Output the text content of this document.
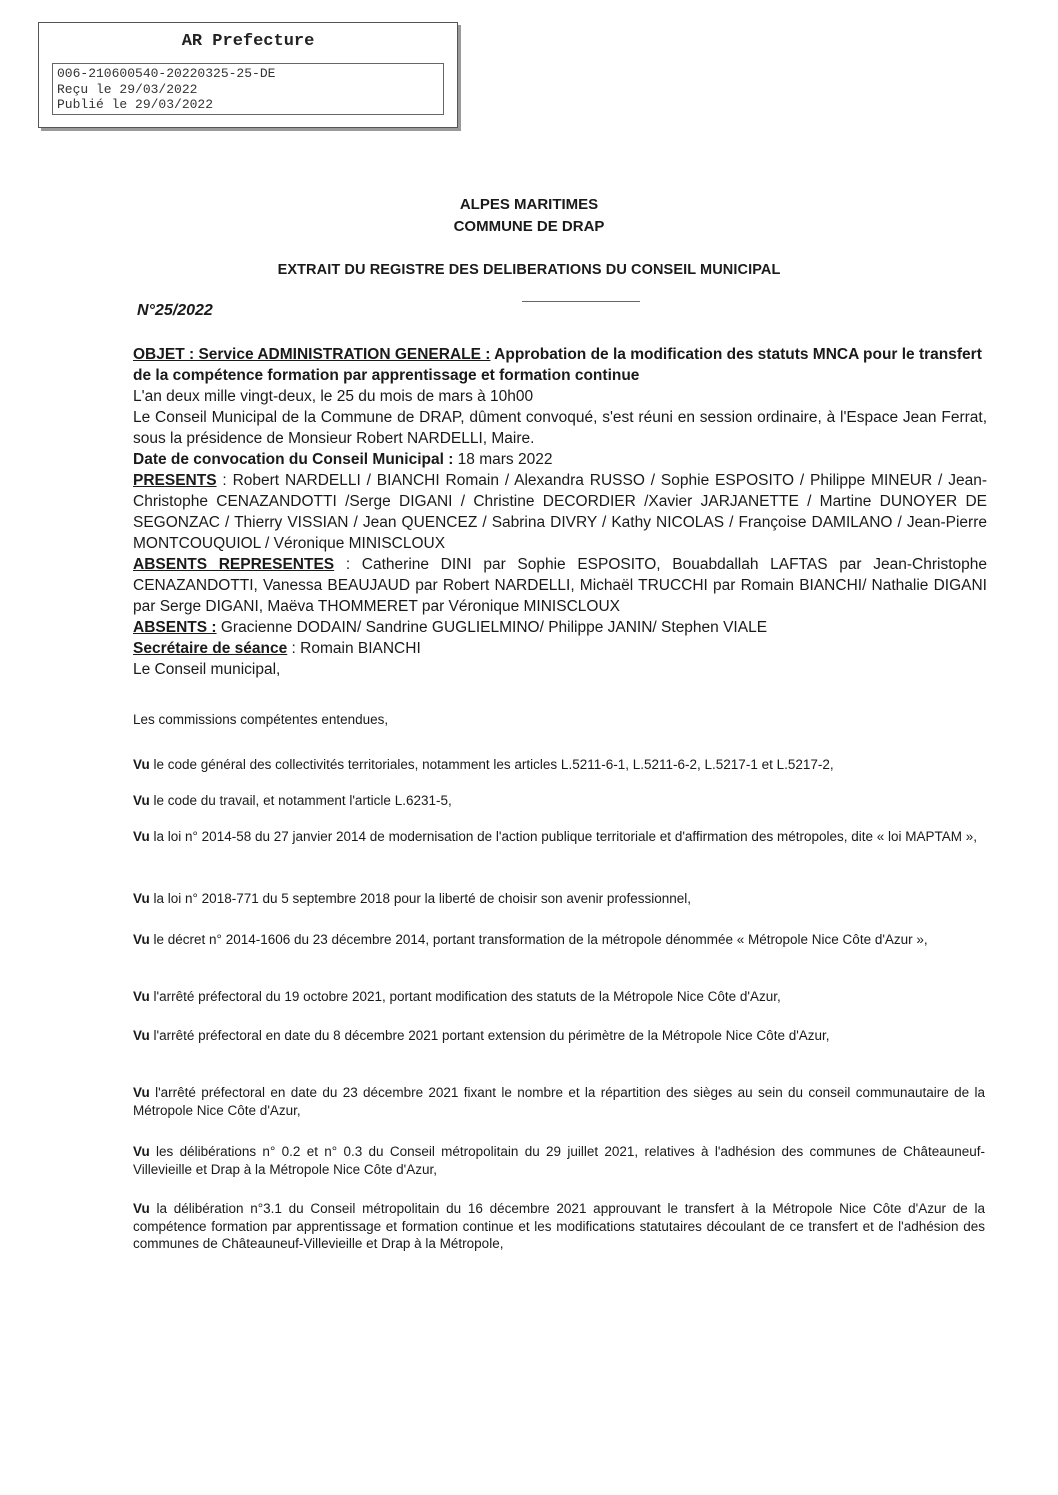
AR Prefecture
006-210600540-20220325-25-DE
Reçu le 29/03/2022
Publié le 29/03/2022
ALPES MARITIMES
COMMUNE DE DRAP
EXTRAIT DU REGISTRE DES DELIBERATIONS DU CONSEIL MUNICIPAL
N°25/2022

OBJET : Service ADMINISTRATION GENERALE : Approbation de la modification des statuts MNCA pour le transfert de la compétence formation par apprentissage et formation continue

L'an deux mille vingt-deux, le 25 du mois de mars à 10h00

Le Conseil Municipal de la Commune de DRAP, dûment convoqué, s'est réuni en session ordinaire, à l'Espace Jean Ferrat, sous la présidence de Monsieur Robert NARDELLI, Maire.

Date de convocation du Conseil Municipal : 18 mars 2022

PRESENTS : Robert NARDELLI / BIANCHI Romain / Alexandra RUSSO / Sophie ESPOSITO / Philippe MINEUR / Jean-Christophe CENAZANDOTTI /Serge DIGANI / Christine DECORDIER /Xavier JARJANETTE / Martine DUNOYER DE SEGONZAC / Thierry VISSIAN / Jean QUENCEZ / Sabrina DIVRY / Kathy NICOLAS / Françoise DAMILANO / Jean-Pierre MONTCOUQUIOL / Véronique MINISCLOUX

ABSENTS REPRESENTES : Catherine DINI par Sophie ESPOSITO, Bouabdallah LAFTAS par Jean-Christophe CENAZANDOTTI, Vanessa BEAUJAUD par Robert NARDELLI, Michaël TRUCCHI par Romain BIANCHI/ Nathalie DIGANI par Serge DIGANI, Maëva THOMMERET par Véronique MINISCLOUX

ABSENTS : Gracienne DODAIN/ Sandrine GUGLIELMINO/ Philippe JANIN/ Stephen VIALE

Secrétaire de séance : Romain BIANCHI

Le Conseil municipal,

Les commissions compétentes entendues,
Vu le code général des collectivités territoriales, notamment les articles L.5211-6-1, L.5211-6-2, L.5217-1 et L.5217-2,
Vu le code du travail, et notamment l'article L.6231-5,
Vu la loi n° 2014-58 du 27 janvier 2014 de modernisation de l'action publique territoriale et d'affirmation des métropoles, dite « loi MAPTAM »,
Vu la loi n° 2018-771 du 5 septembre 2018 pour la liberté de choisir son avenir professionnel,
Vu le décret n° 2014-1606 du 23 décembre 2014, portant transformation de la métropole dénommée « Métropole Nice Côte d'Azur »,
Vu l'arrêté préfectoral du 19 octobre 2021, portant modification des statuts de la Métropole Nice Côte d'Azur,
Vu l'arrêté préfectoral en date du 8 décembre 2021 portant extension du périmètre de la Métropole Nice Côte d'Azur,
Vu l'arrêté préfectoral en date du 23 décembre 2021 fixant le nombre et la répartition des sièges au sein du conseil communautaire de la Métropole Nice Côte d'Azur,
Vu les délibérations n° 0.2 et n° 0.3 du Conseil métropolitain du 29 juillet 2021, relatives à l'adhésion des communes de Châteauneuf-Villevieille et Drap à la Métropole Nice Côte d'Azur,
Vu la délibération n°3.1 du Conseil métropolitain du 16 décembre 2021 approuvant le transfert à la Métropole Nice Côte d'Azur de la compétence formation par apprentissage et formation continue et les modifications statutaires découlant de ce transfert et de l'adhésion des communes de Châteauneuf-Villevieille et Drap à la Métropole,
